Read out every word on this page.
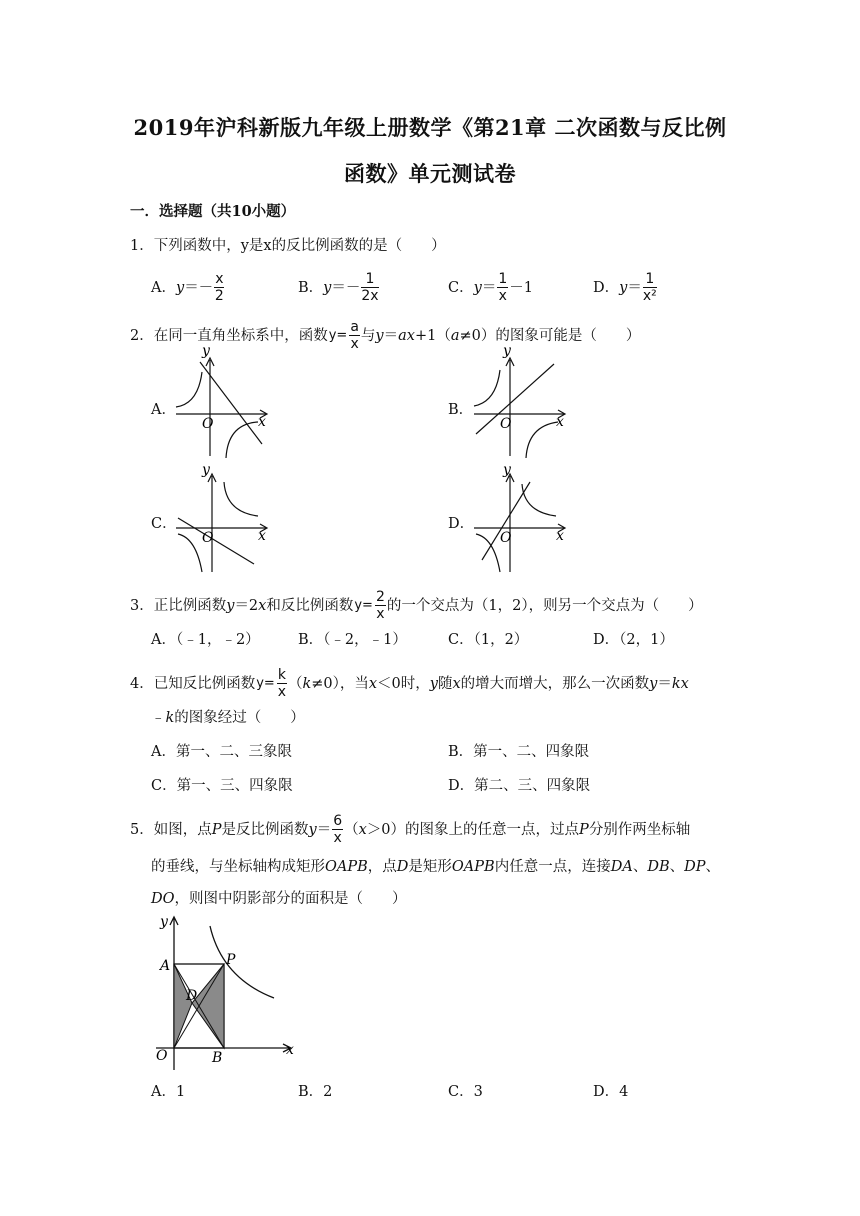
2019年沪科新版九年级上册数学《第21章 二次函数与反比例
函数》单元测试卷
一．选择题（共10小题）
1．下列函数中，y是x的反比例函数的是（　　）
A．$y=- \frac{x}{2}$	B．$y=- \frac{1}{2x}$	C．$y= \frac{1}{x} -1$	D．$y= \frac{1}{\text{x²}}$
2．在同一直角坐标系中，函数$y= \frac{a}{x}$ 与y＝ax+1（a≠0）的图象可能是（　　）
A．	B．
C．	D．
y
x
O
y
x
O
y
x
O
y
x
O
3．正比例函数y＝2x和反比例函数$y= \frac{2}{x}$ 的一个交点为（1，2），则另一个交点为（　　）
A．（﹣1，﹣2）	B．（﹣2，﹣1）	C．（1，2）	D．（2，1）
4．已知反比例函数$y= \frac{k}{x} (k\ne 0)$，当x＜0时，y随x的增大而增大，那么一次函数y＝kx
﹣k的图象经过（　　）
A．第一、二、三象限	B．第一、二、四象限
C．第一、三、四象限	D．第二、三、四象限
5．如图，点P是反比例函数$y= \frac{6}{x} (x>0)$的图象上的任意一点，过点P分别作两坐标轴
的垂线，与坐标轴构成矩形OAPB，点D是矩形OAPB内任意一点，连接DA、DB、DP、
DO，则图中阴影部分的面积是（　　）
y
x
A	P
D
O	B
A．1	B．2	C．3	D．4
